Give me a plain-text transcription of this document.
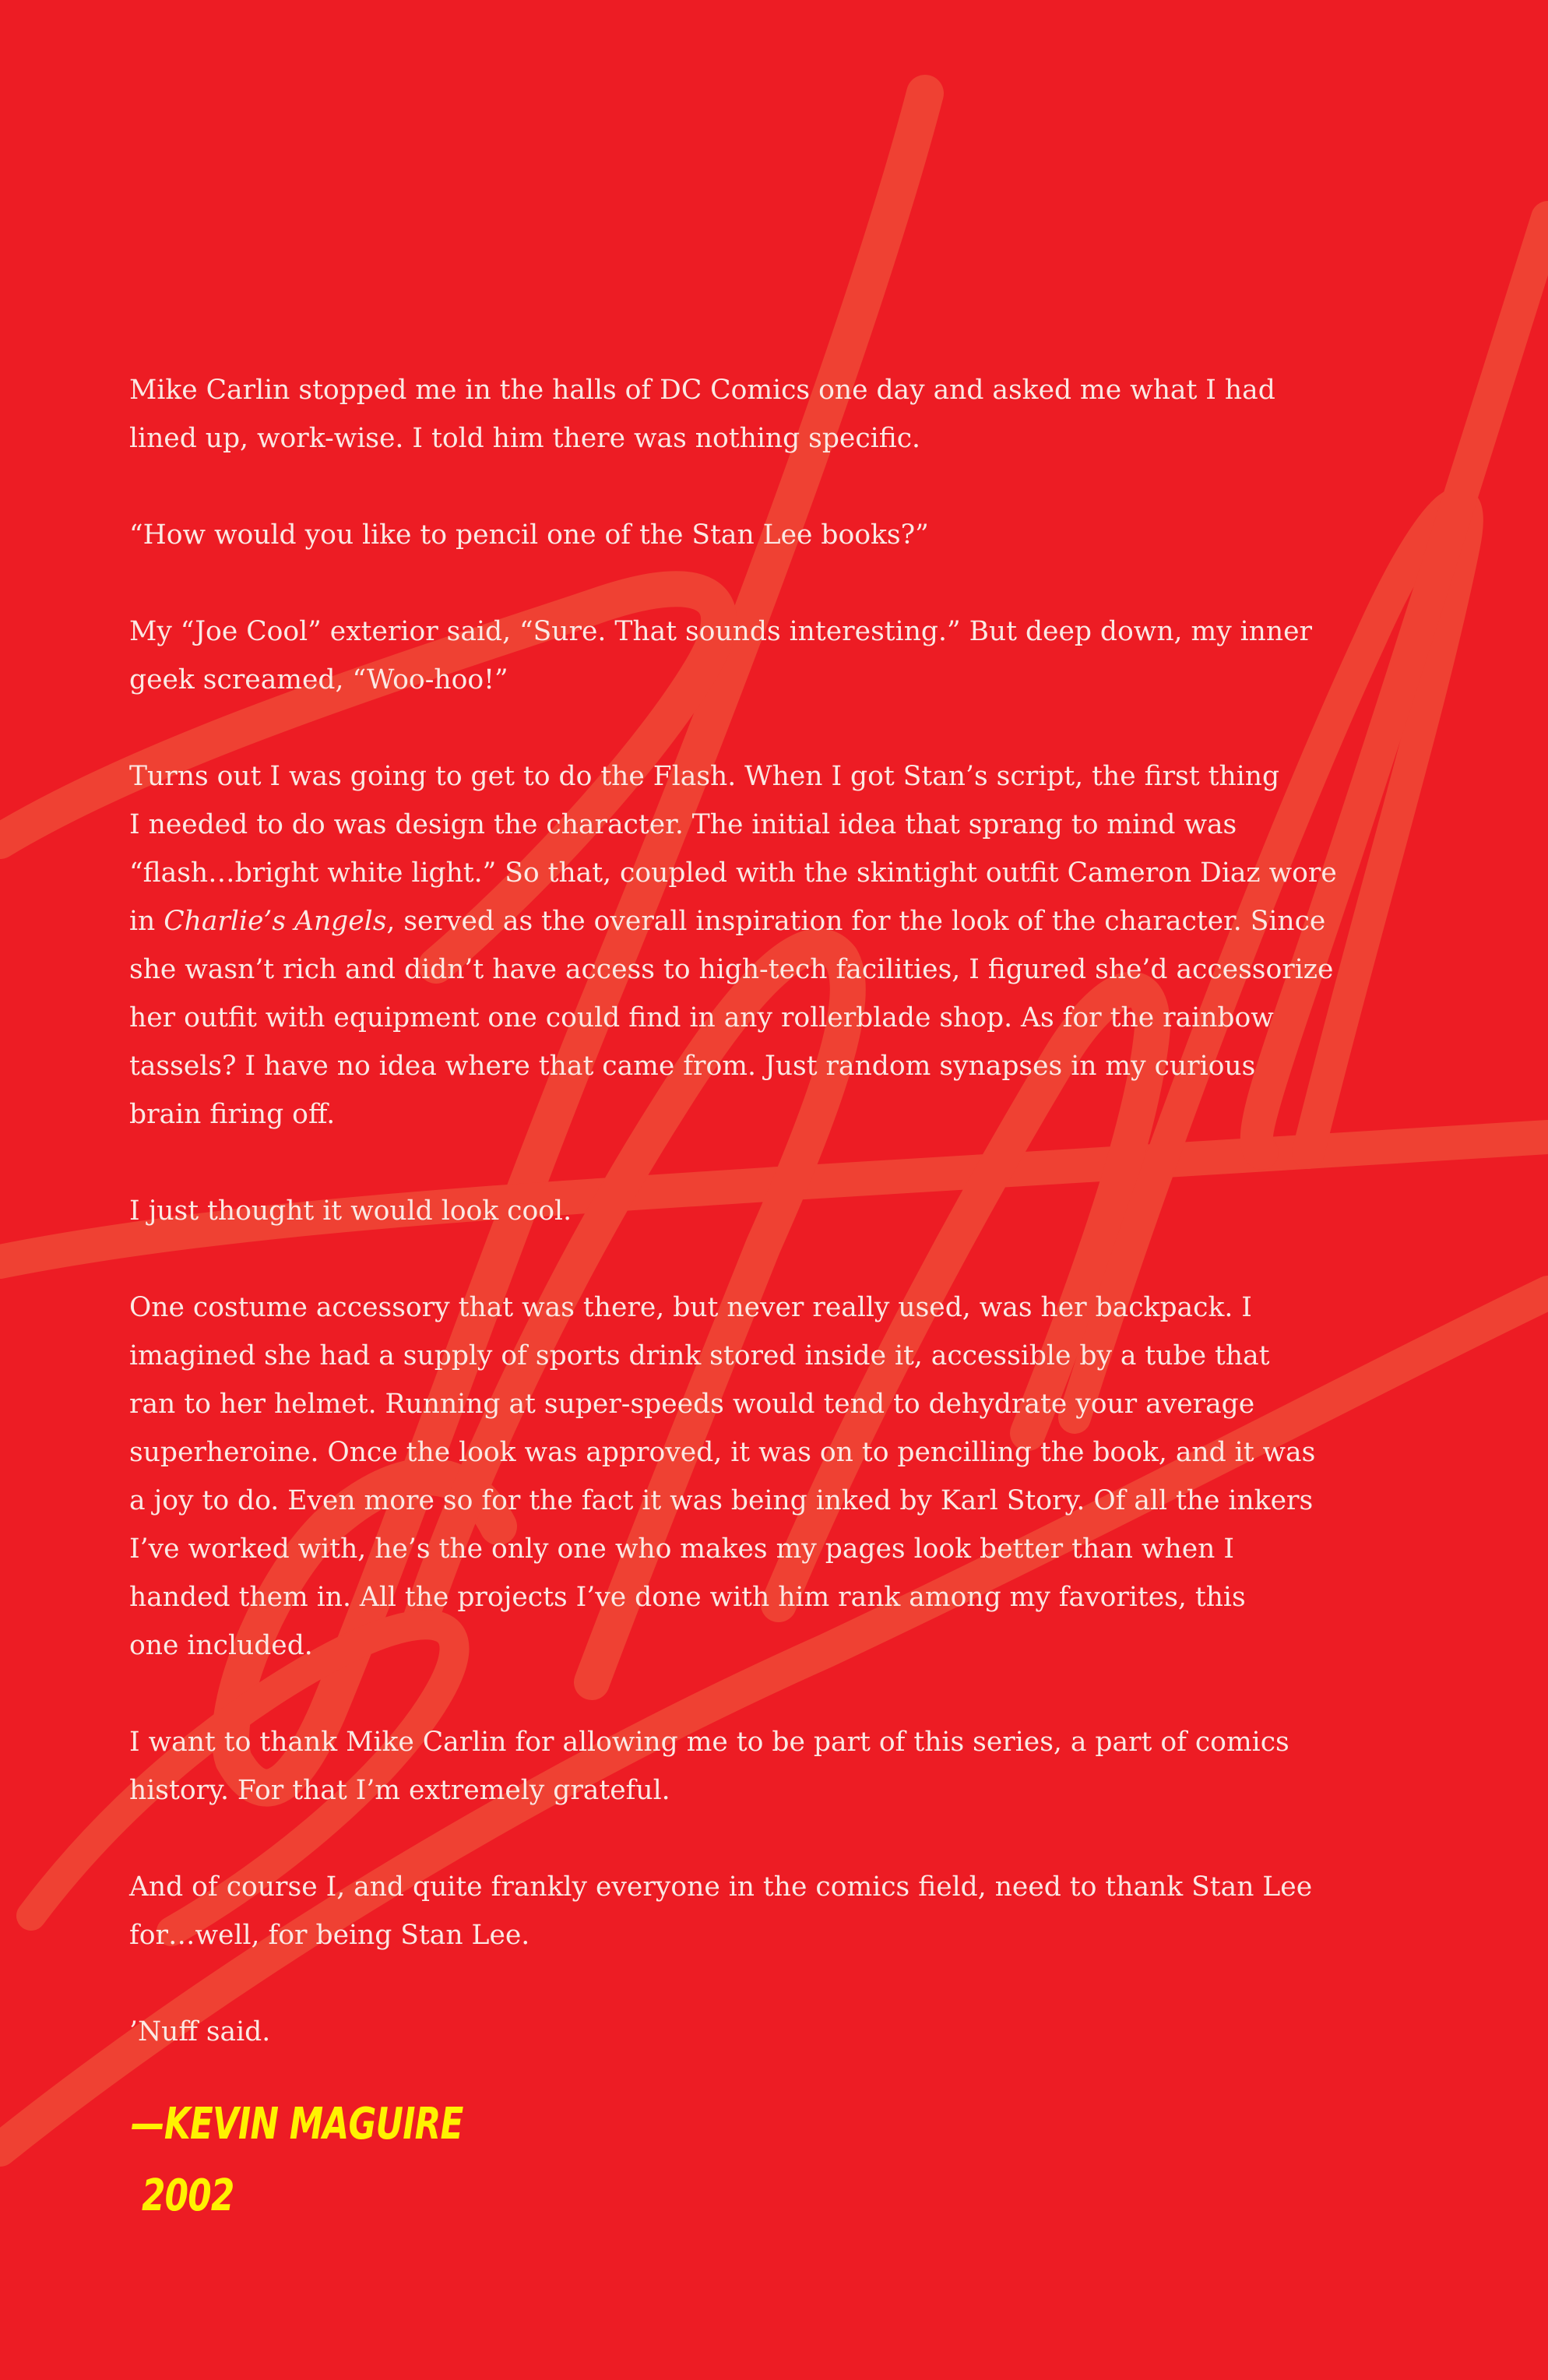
Mike Carlin stopped me in the halls of DC Comics one day and asked me what I had
lined up, work-wise. I told him there was nothing specific.

“How would you like to pencil one of the Stan Lee books?”

My “Joe Cool” exterior said, “Sure. That sounds interesting.” But deep down, my inner
geek screamed, “Woo-hoo!”

Turns out I was going to get to do the Flash. When I got Stan’s script, the first thing
I needed to do was design the character. The initial idea that sprang to mind was
“flash…bright white light.” So that, coupled with the skintight outfit Cameron Diaz wore
in Charlie’s Angels, served as the overall inspiration for the look of the character. Since
she wasn’t rich and didn’t have access to high-tech facilities, I figured she’d accessorize
her outfit with equipment one could find in any rollerblade shop. As for the rainbow
tassels? I have no idea where that came from. Just random synapses in my curious
brain firing off.

I just thought it would look cool.

One costume accessory that was there, but never really used, was her backpack. I
imagined she had a supply of sports drink stored inside it, accessible by a tube that
ran to her helmet. Running at super-speeds would tend to dehydrate your average
superheroine. Once the look was approved, it was on to pencilling the book, and it was
a joy to do. Even more so for the fact it was being inked by Karl Story. Of all the inkers
I’ve worked with, he’s the only one who makes my pages look better than when I
handed them in. All the projects I’ve done with him rank among my favorites, this
one included.

I want to thank Mike Carlin for allowing me to be part of this series, a part of comics
history. For that I’m extremely grateful.

And of course I, and quite frankly everyone in the comics field, need to thank Stan Lee
for…well, for being Stan Lee.

’Nuff said.

—KEVIN MAGUIRE
2002
